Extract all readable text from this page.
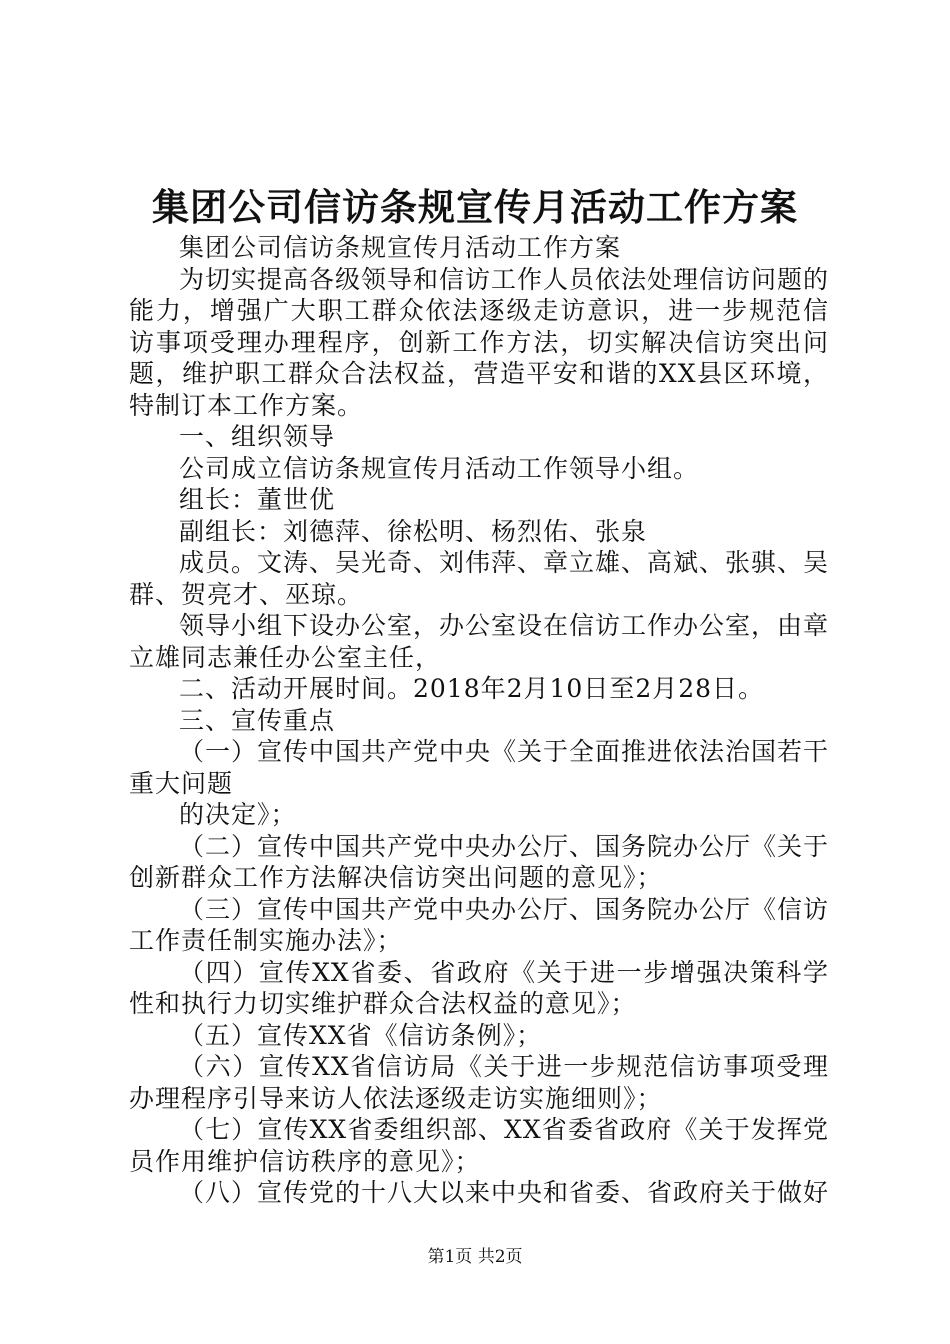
集团公司信访条规宣传月活动工作方案

集团公司信访条规宣传月活动工作方案

为切实提高各级领导和信访工作人员依法处理信访问题的能力，增强广大职工群众依法逐级走访意识，进一步规范信访事项受理办理程序，创新工作方法，切实解决信访突出问题，维护职工群众合法权益，营造平安和谐的XX县区环境，特制订本工作方案。

一、组织领导

公司成立信访条规宣传月活动工作领导小组。

组长：董世优

副组长：刘德萍、徐松明、杨烈佑、张泉

成员。文涛、吴光奇、刘伟萍、章立雄、高斌、张骐、吴群、贺亮才、巫琼。

领导小组下设办公室，办公室设在信访工作办公室，由章立雄同志兼任办公室主任，

二、活动开展时间。2018年2月10日至2月28日。

三、宣传重点

（一）宣传中国共产党中央《关于全面推进依法治国若干重大问题

的决定》；

（二）宣传中国共产党中央办公厅、国务院办公厅《关于创新群众工作方法解决信访突出问题的意见》；

（三）宣传中国共产党中央办公厅、国务院办公厅《信访工作责任制实施办法》；

（四）宣传XX省委、省政府《关于进一步增强决策科学性和执行力切实维护群众合法权益的意见》；

（五）宣传XX省《信访条例》；

（六）宣传XX省信访局《关于进一步规范信访事项受理办理程序引导来访人依法逐级走访实施细则》；

（七）宣传XX省委组织部、XX省委省政府《关于发挥党员作用维护信访秩序的意见》；

（八）宣传党的十八大以来中央和省委、省政府关于做好

第1页 共2页
